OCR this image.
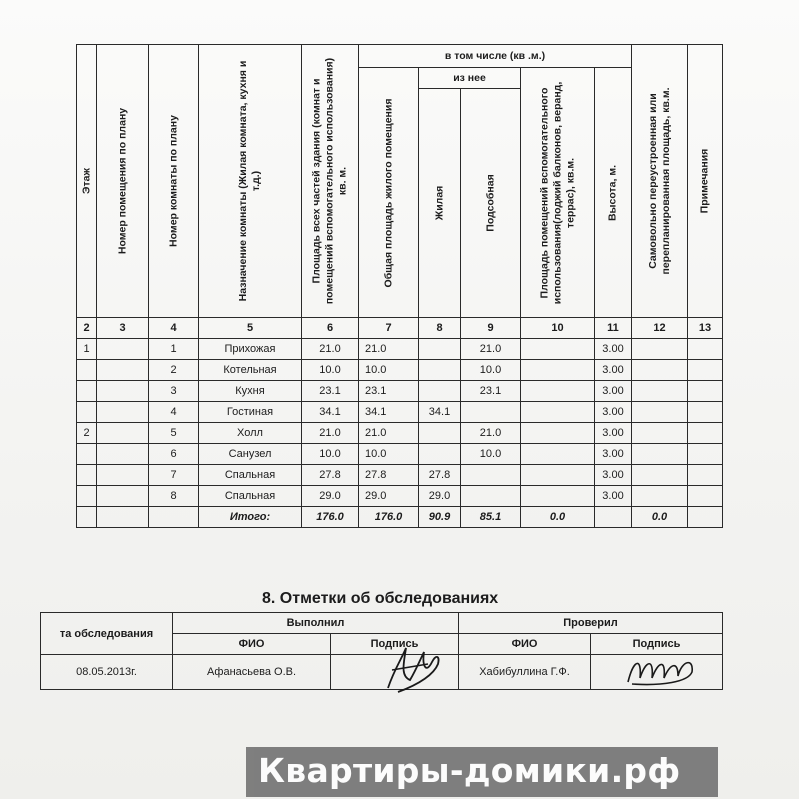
Этаж	Номер помещения по плану	Номер комнаты по плану	Назначение комнаты (Жилая комната, кухня и т.д.)	Площадь всех частей здания (комнат и помещений вспомогательного использования) кв. м.	в том числе (кв .м.)					Самовольно переустроенная или перепланированная площадь, кв.м.	Примечания

					Общая площадь жилого помещения	из нее		Площадь помещений вспомогательного использования(лоджий балконов, веранд, террас), кв.м.	Высота, м.		

						Жилая	Подсобная				

2	3	4	5	6	7	8	9	10	11	12	13
1		1	Прихожая	21.0	21.0		21.0		3.00		
		2	Котельная	10.0	10.0		10.0		3.00		
		3	Кухня	23.1	23.1		23.1		3.00		
		4	Гостиная	34.1	34.1	34.1			3.00		
2		5	Холл	21.0	21.0		21.0		3.00		
		6	Санузел	10.0	10.0		10.0		3.00		
		7	Спальная	27.8	27.8	27.8			3.00		
		8	Спальная	29.0	29.0	29.0			3.00		
			Итого:	176.0	176.0	90.9	85.1	0.0		0.0	
8. Отметки об обследованиях
та обследования	Выполнил		Проверил	
	ФИО	Подпись	ФИО	Подпись
08.05.2013г.	Афанасьева О.В.		Хабибуллина Г.Ф.	
Квартиры-домики.рф
